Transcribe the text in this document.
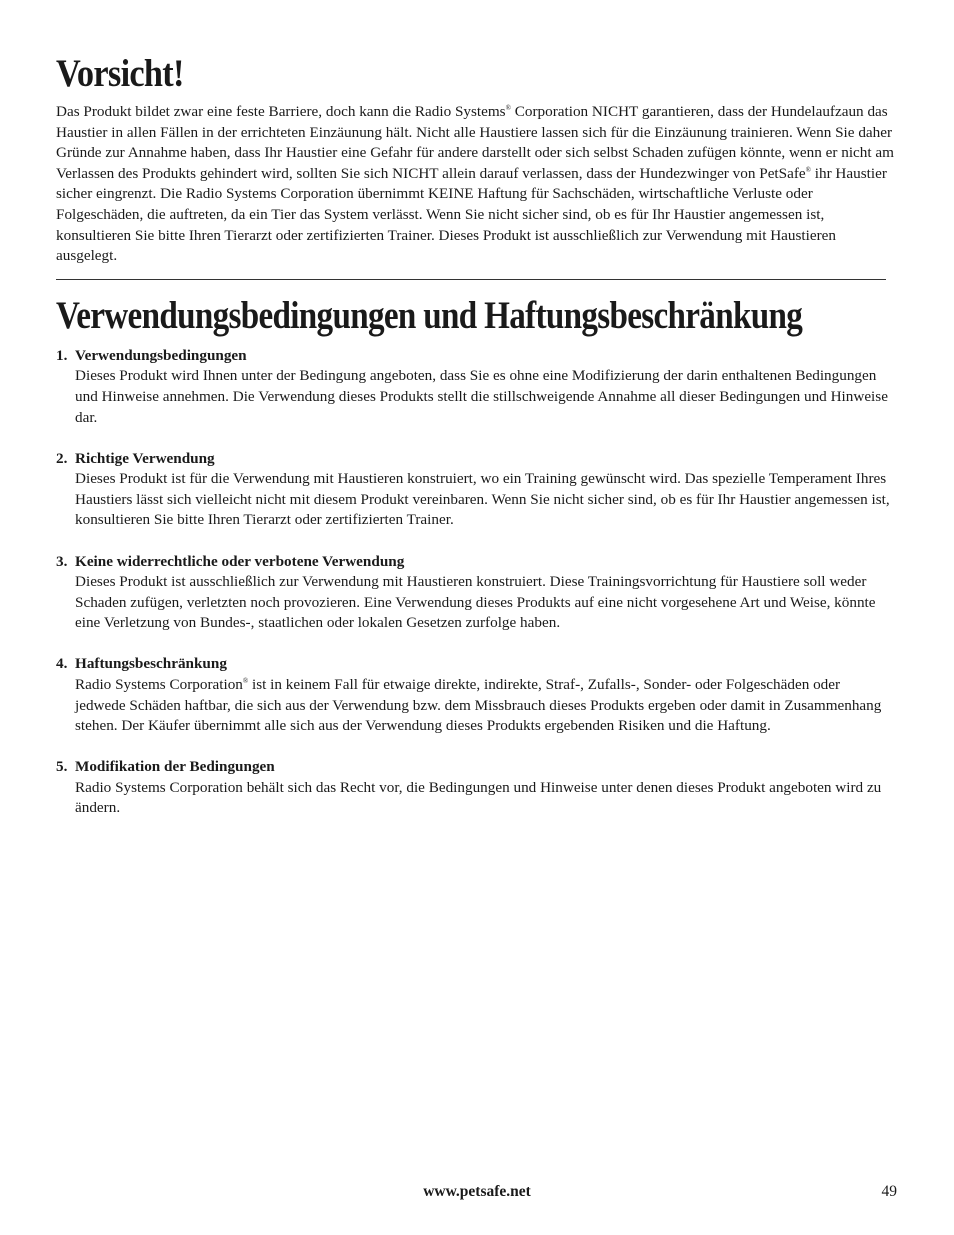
Vorsicht!

Das Produkt bildet zwar eine feste Barriere, doch kann die Radio Systems® Corporation NICHT garantieren, dass der Hundelaufzaun das Haustier in allen Fällen in der errichteten Einzäunung hält. Nicht alle Haustiere lassen sich für die Einzäunung trainieren. Wenn Sie daher Gründe zur Annahme haben, dass Ihr Haustier eine Gefahr für andere darstellt oder sich selbst Schaden zufügen könnte, wenn er nicht am Verlassen des Produkts gehindert wird, sollten Sie sich NICHT allein darauf verlassen, dass der Hundezwinger von PetSafe® ihr Haustier sicher eingrenzt. Die Radio Systems Corporation übernimmt KEINE Haftung für Sachschäden, wirtschaftliche Verluste oder Folgeschäden, die auftreten, da ein Tier das System verlässt. Wenn Sie nicht sicher sind, ob es für Ihr Haustier angemessen ist, konsultieren Sie bitte Ihren Tierarzt oder zertifizierten Trainer. Dieses Produkt ist ausschließlich zur Verwendung mit Haustieren ausgelegt.

Verwendungsbedingungen und Haftungsbeschränkung
1. Verwendungsbedingungen
Dieses Produkt wird Ihnen unter der Bedingung angeboten, dass Sie es ohne eine Modifizierung der darin enthaltenen Bedingungen und Hinweise annehmen. Die Verwendung dieses Produkts stellt die stillschweigende Annahme all dieser Bedingungen und Hinweise dar.
2. Richtige Verwendung
Dieses Produkt ist für die Verwendung mit Haustieren konstruiert, wo ein Training gewünscht wird. Das spezielle Temperament Ihres Haustiers lässt sich vielleicht nicht mit diesem Produkt vereinbaren. Wenn Sie nicht sicher sind, ob es für Ihr Haustier angemessen ist, konsultieren Sie bitte Ihren Tierarzt oder zertifizierten Trainer.
3. Keine widerrechtliche oder verbotene Verwendung
Dieses Produkt ist ausschließlich zur Verwendung mit Haustieren konstruiert. Diese Trainingsvorrichtung für Haustiere soll weder Schaden zufügen, verletzten noch provozieren. Eine Verwendung dieses Produkts auf eine nicht vorgesehene Art und Weise, könnte eine Verletzung von Bundes-, staatlichen oder lokalen Gesetzen zurfolge haben.
4. Haftungsbeschränkung
Radio Systems Corporation® ist in keinem Fall für etwaige direkte, indirekte, Straf-, Zufalls-, Sonder- oder Folgeschäden oder jedwede Schäden haftbar, die sich aus der Verwendung bzw. dem Missbrauch dieses Produkts ergeben oder damit in Zusammenhang stehen. Der Käufer übernimmt alle sich aus der Verwendung dieses Produkts ergebenden Risiken und die Haftung.
5. Modifikation der Bedingungen
Radio Systems Corporation behält sich das Recht vor, die Bedingungen und Hinweise unter denen dieses Produkt angeboten wird zu ändern.
www.petsafe.net	49
